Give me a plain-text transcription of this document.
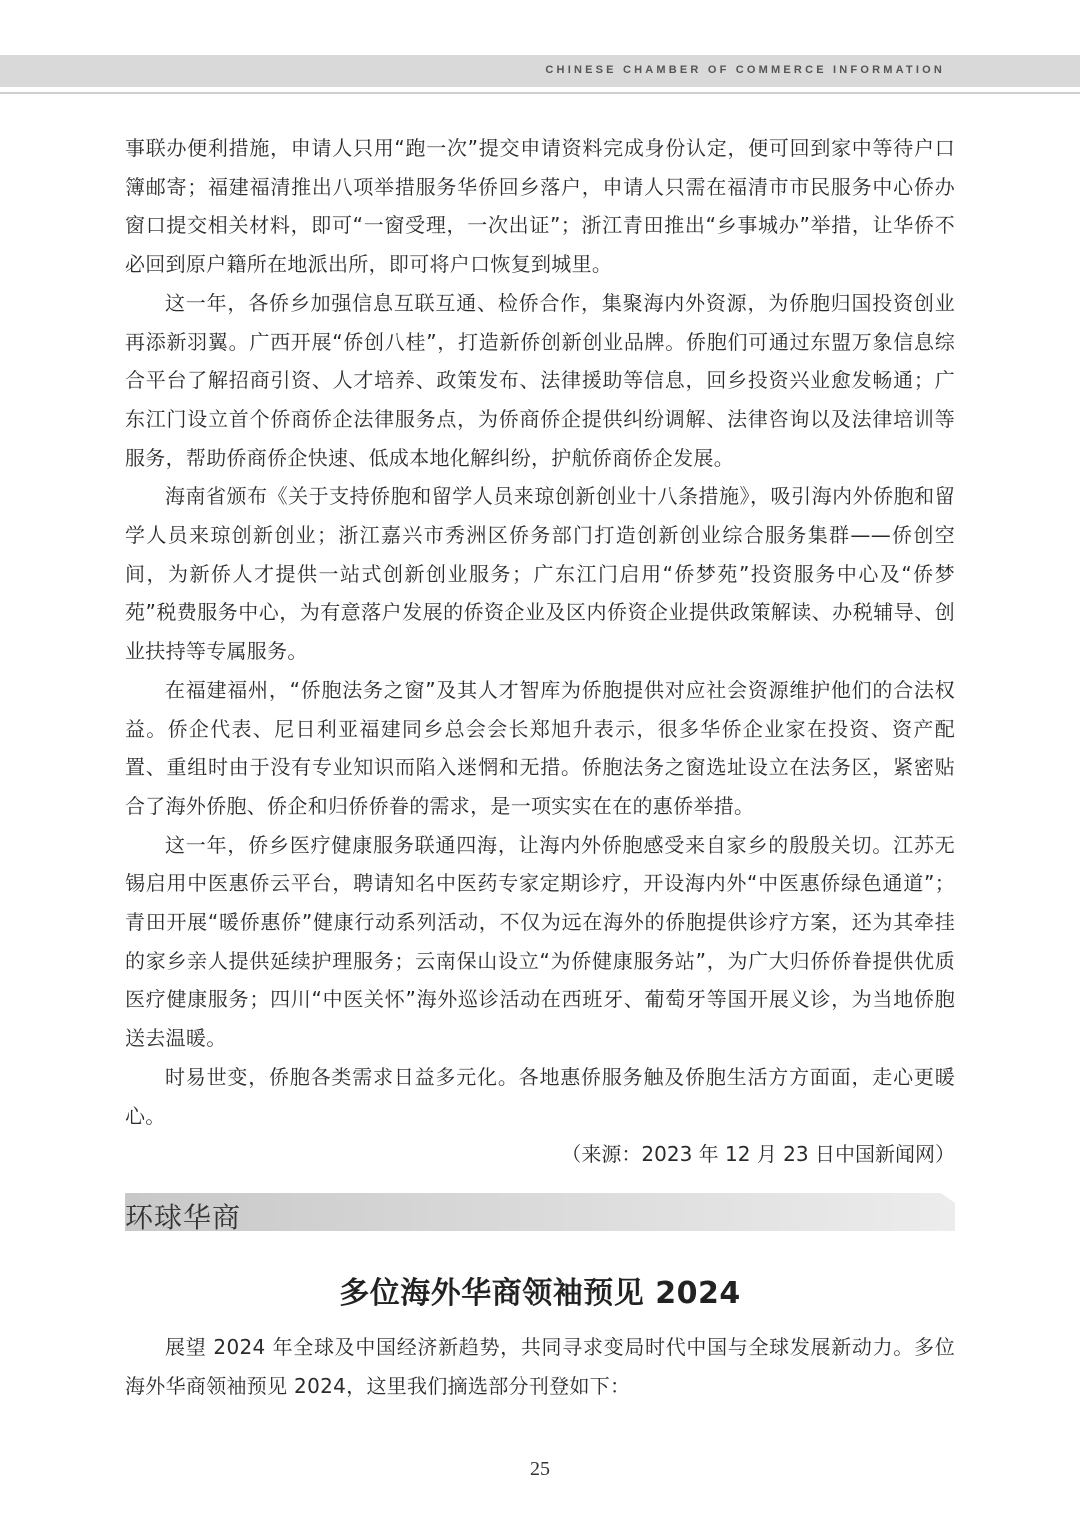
CHINESE CHAMBER OF COMMERCE INFORMATION

事联办便利措施，申请人只用“跑一次”提交申请资料完成身份认定，便可回到家中等待户口簿邮寄；福建福清推出八项举措服务华侨回乡落户，申请人只需在福清市市民服务中心侨办窗口提交相关材料，即可“一窗受理，一次出证”；浙江青田推出“乡事城办”举措，让华侨不必回到原户籍所在地派出所，即可将户口恢复到城里。

这一年，各侨乡加强信息互联互通、检侨合作，集聚海内外资源，为侨胞归国投资创业再添新羽翼。广西开展“侨创八桂”，打造新侨创新创业品牌。侨胞们可通过东盟万象信息综合平台了解招商引资、人才培养、政策发布、法律援助等信息，回乡投资兴业愈发畅通；广东江门设立首个侨商侨企法律服务点，为侨商侨企提供纠纷调解、法律咨询以及法律培训等服务，帮助侨商侨企快速、低成本地化解纠纷，护航侨商侨企发展。

海南省颁布《关于支持侨胞和留学人员来琼创新创业十八条措施》，吸引海内外侨胞和留学人员来琼创新创业；浙江嘉兴市秀洲区侨务部门打造创新创业综合服务集群——侨创空间，为新侨人才提供一站式创新创业服务；广东江门启用“侨梦苑”投资服务中心及“侨梦苑”税费服务中心，为有意落户发展的侨资企业及区内侨资企业提供政策解读、办税辅导、创业扶持等专属服务。

在福建福州，“侨胞法务之窗”及其人才智库为侨胞提供对应社会资源维护他们的合法权益。侨企代表、尼日利亚福建同乡总会会长郑旭升表示，很多华侨企业家在投资、资产配置、重组时由于没有专业知识而陷入迷惘和无措。侨胞法务之窗选址设立在法务区，紧密贴合了海外侨胞、侨企和归侨侨眷的需求，是一项实实在在的惠侨举措。

这一年，侨乡医疗健康服务联通四海，让海内外侨胞感受来自家乡的殷殷关切。江苏无锡启用中医惠侨云平台，聘请知名中医药专家定期诊疗，开设海内外“中医惠侨绿色通道”；青田开展“暖侨惠侨”健康行动系列活动，不仅为远在海外的侨胞提供诊疗方案，还为其牵挂的家乡亲人提供延续护理服务；云南保山设立“为侨健康服务站”，为广大归侨侨眷提供优质医疗健康服务；四川“中医关怀”海外巡诊活动在西班牙、葡萄牙等国开展义诊，为当地侨胞送去温暖。

时易世变，侨胞各类需求日益多元化。各地惠侨服务触及侨胞生活方方面面，走心更暖心。

（来源：2023 年 12 月 23 日中国新闻网）

环球华商
多位海外华商领袖预见 2024

展望 2024 年全球及中国经济新趋势，共同寻求变局时代中国与全球发展新动力。多位海外华商领袖预见 2024，这里我们摘选部分刊登如下：

25
